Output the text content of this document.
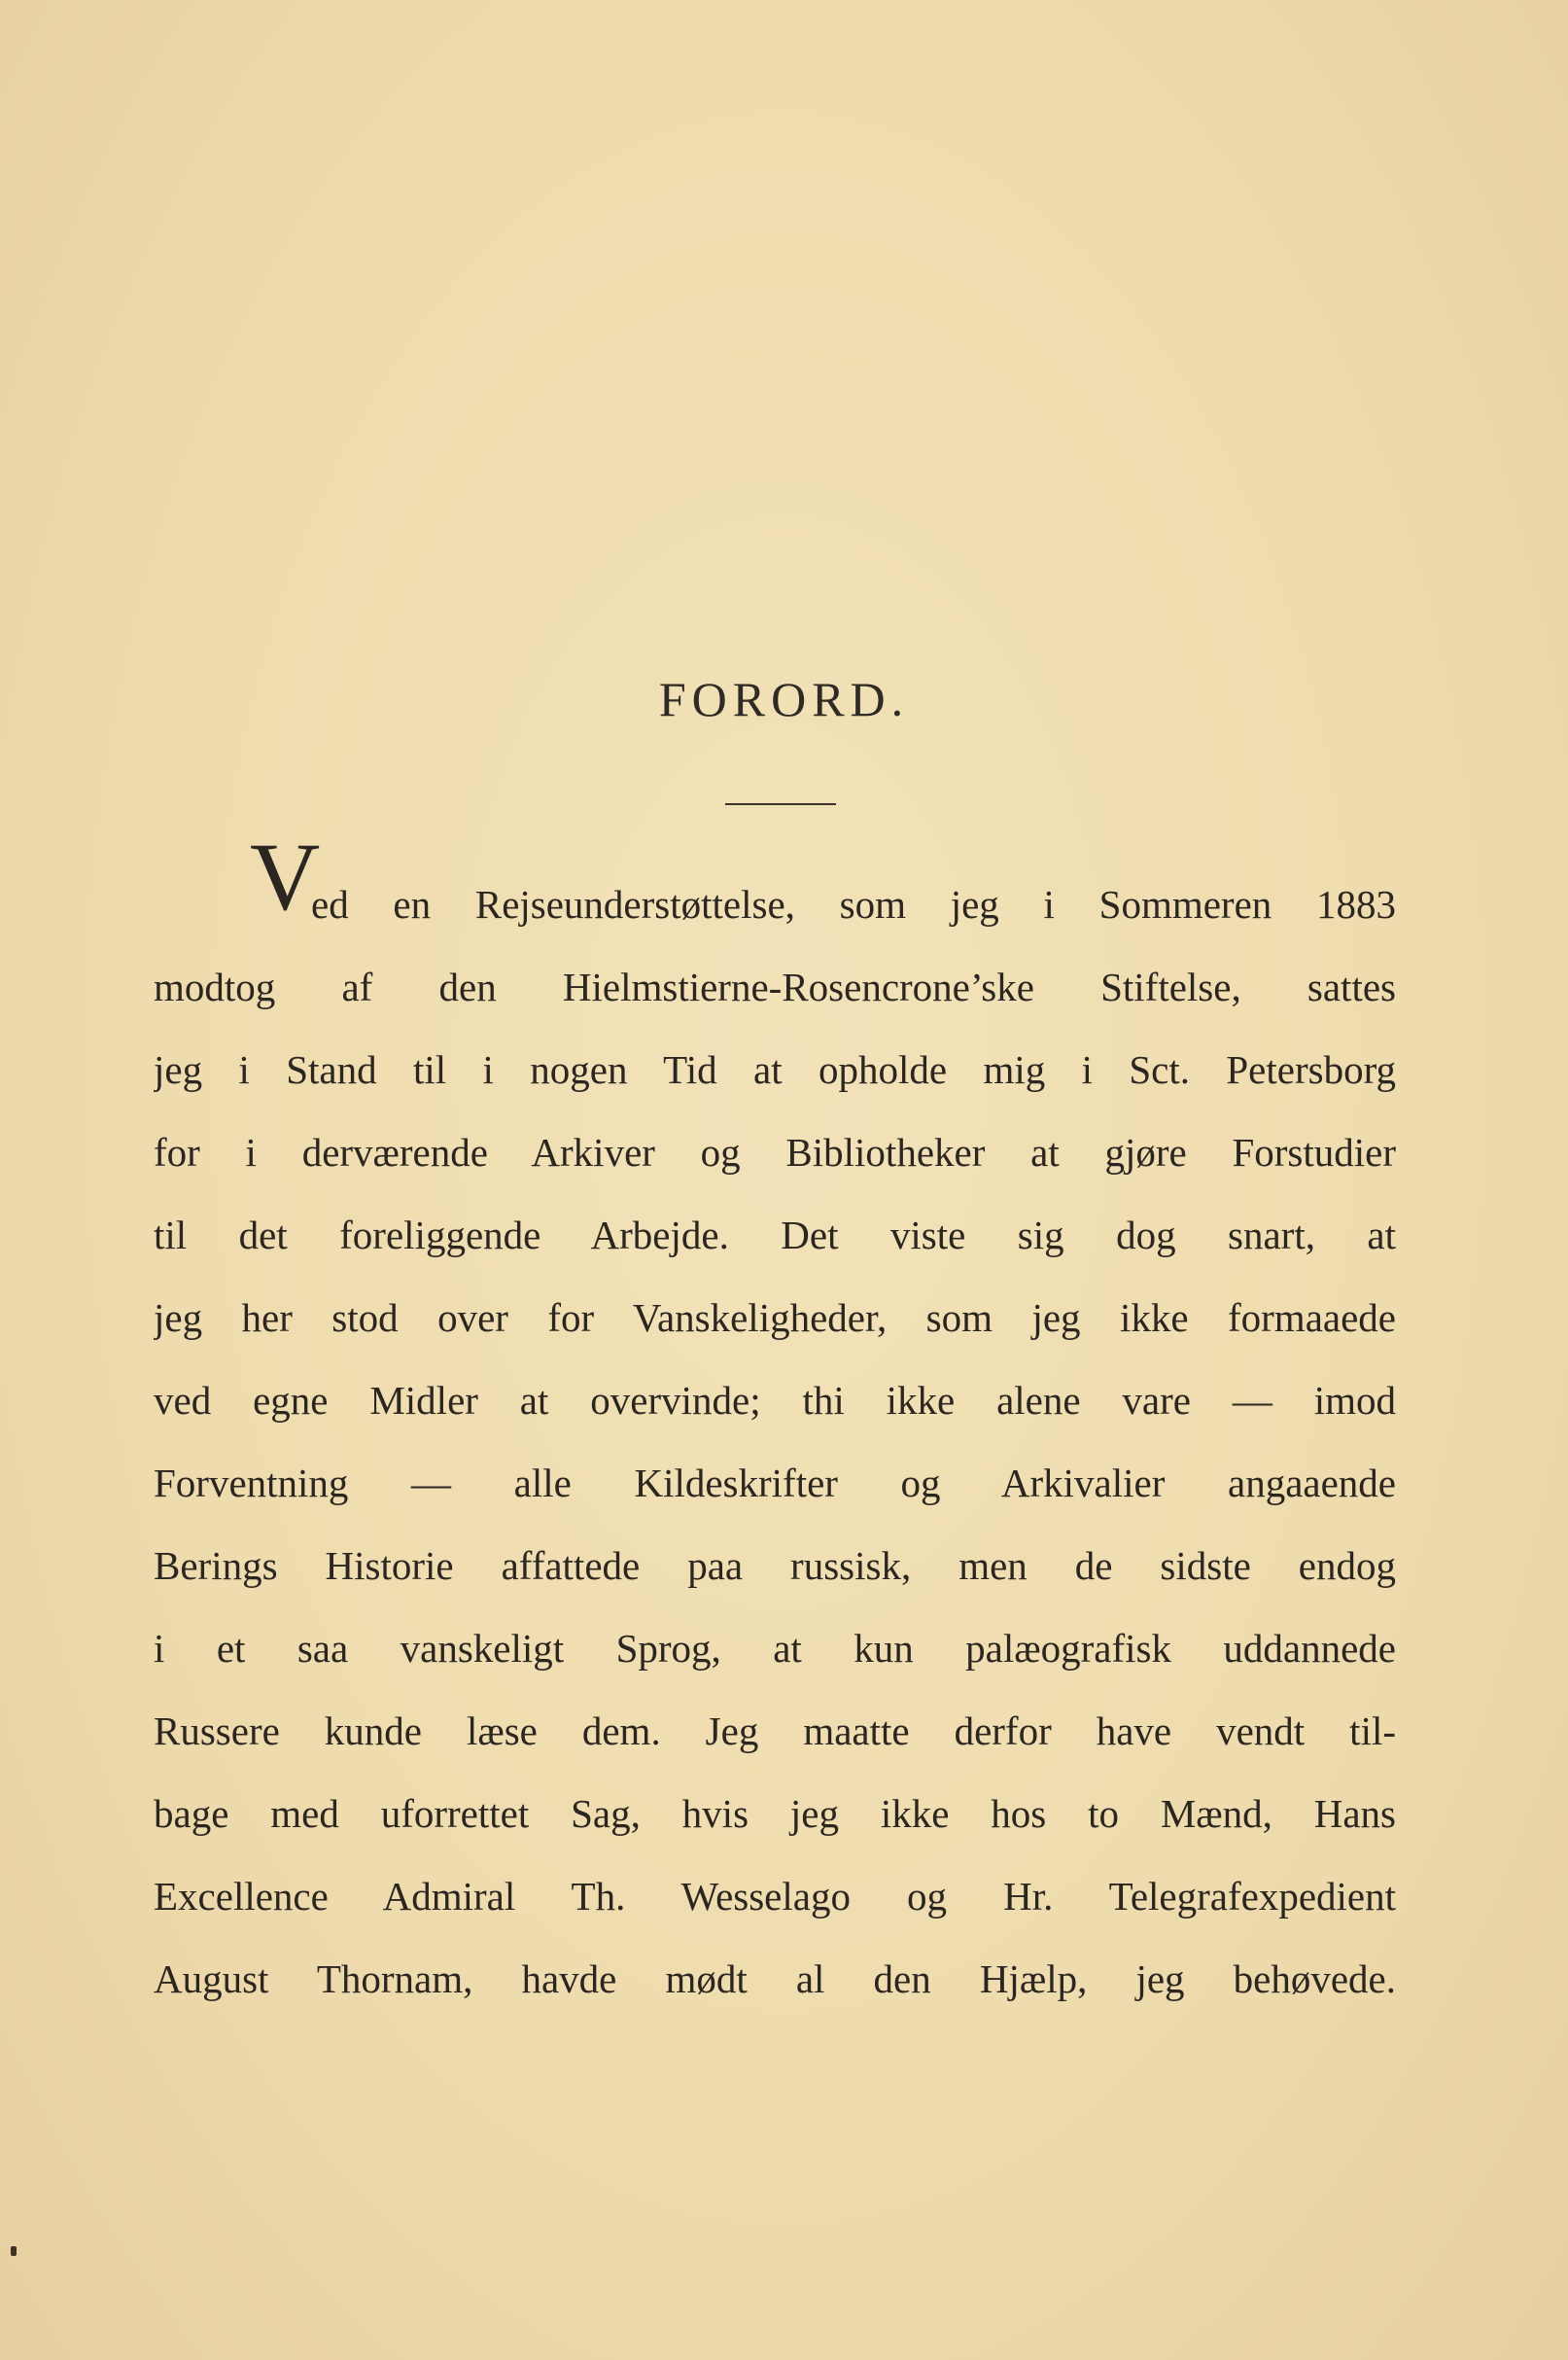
FORORD.
V
ed en Rejseunderstøttelse, som jeg i Sommeren 1883
modtog af den Hielmstierne-Rosencrone’ske Stiftelse, sattes
jeg i Stand til i nogen Tid at opholde mig i Sct. Petersborg
for i derværende Arkiver og Bibliotheker at gjøre Forstudier
til det foreliggende Arbejde. Det viste sig dog snart, at
jeg her stod over for Vanskeligheder, som jeg ikke formaaede
ved egne Midler at overvinde; thi ikke alene vare — imod
Forventning — alle Kildeskrifter og Arkivalier angaaende
Berings Historie affattede paa russisk, men de sidste endog
i et saa vanskeligt Sprog, at kun palæografisk uddannede
Russere kunde læse dem. Jeg maatte derfor have vendt til-
bage med uforrettet Sag, hvis jeg ikke hos to Mænd, Hans
Excellence Admiral Th. Wesselago og Hr. Telegrafexpedient
August Thornam, havde mødt al den Hjælp, jeg behøvede.
